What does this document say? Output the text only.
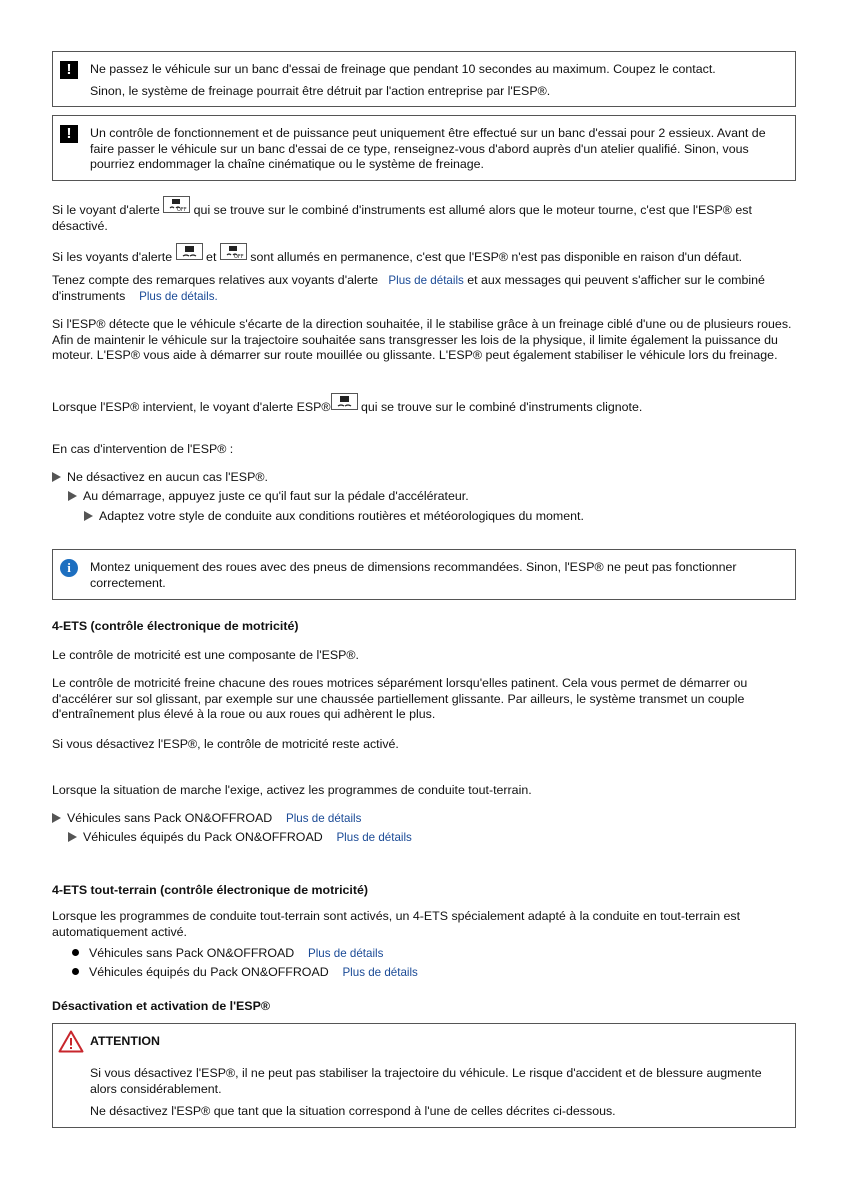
!	Ne passez le véhicule sur un banc d'essai de freinage que pendant 10 secondes au maximum. Coupez le contact.
Sinon, le système de freinage pourrait être détruit par l'action entreprise par l'ESP®.
!	Un contrôle de fonctionnement et de puissance peut uniquement être effectué sur un banc d'essai pour 2 essieux. Avant de faire passer le véhicule sur un banc d'essai de ce type, renseignez-vous d'abord auprès d'un atelier qualifié. Sinon, vous pourriez endommager la chaîne cinématique ou le système de freinage.
Si le voyant d'alerte	OFF qui se trouve sur le combiné d'instruments est allumé alors que le moteur tourne, c'est que l'ESP® est désactivé.
Si les voyants d'alerte	et	OFF sont allumés en permanence, c'est que l'ESP® n'est pas disponible en raison d'un défaut.
Tenez compte des remarques relatives aux voyants d'alerte Plus de détails et aux messages qui peuvent s'afficher sur le combiné d'instruments Plus de détails.
Si l'ESP® détecte que le véhicule s'écarte de la direction souhaitée, il le stabilise grâce à un freinage ciblé d'une ou de plusieurs roues. Afin de maintenir le véhicule sur la trajectoire souhaitée sans transgresser les lois de la physique, il limite également la puissance du moteur. L'ESP® vous aide à démarrer sur route mouillée ou glissante. L'ESP® peut également stabiliser le véhicule lors du freinage.
Lorsque l'ESP® intervient, le voyant d'alerte ESP® qui se trouve sur le combiné d'instruments clignote.
En cas d'intervention de l'ESP® :
Ne désactivez en aucun cas l'ESP®.
Au démarrage, appuyez juste ce qu'il faut sur la pédale d'accélérateur.
Adaptez votre style de conduite aux conditions routières et météorologiques du moment.
i	Montez uniquement des roues avec des pneus de dimensions recommandées. Sinon, l'ESP® ne peut pas fonctionner correctement.
4-ETS (contrôle électronique de motricité)
Le contrôle de motricité est une composante de l'ESP®.
Le contrôle de motricité freine chacune des roues motrices séparément lorsqu'elles patinent. Cela vous permet de démarrer ou d'accélérer sur sol glissant, par exemple sur une chaussée partiellement glissante. Par ailleurs, le système transmet un couple d'entraînement plus élevé à la roue ou aux roues qui adhèrent le plus.
Si vous désactivez l'ESP®, le contrôle de motricité reste activé.
Lorsque la situation de marche l'exige, activez les programmes de conduite tout-terrain.
Véhicules sans Pack ON&OFFROAD Plus de détails
Véhicules équipés du Pack ON&OFFROAD Plus de détails
4-ETS tout-terrain (contrôle électronique de motricité)
Lorsque les programmes de conduite tout-terrain sont activés, un 4-ETS spécialement adapté à la conduite en tout-terrain est automatiquement activé.
Véhicules sans Pack ON&OFFROAD Plus de détails
Véhicules équipés du Pack ON&OFFROAD Plus de détails
Désactivation et activation de l'ESP®
ATTENTION
Si vous désactivez l'ESP®, il ne peut pas stabiliser la trajectoire du véhicule. Le risque d'accident et de blessure augmente alors considérablement.
Ne désactivez l'ESP® que tant que la situation correspond à l'une de celles décrites ci-dessous.
